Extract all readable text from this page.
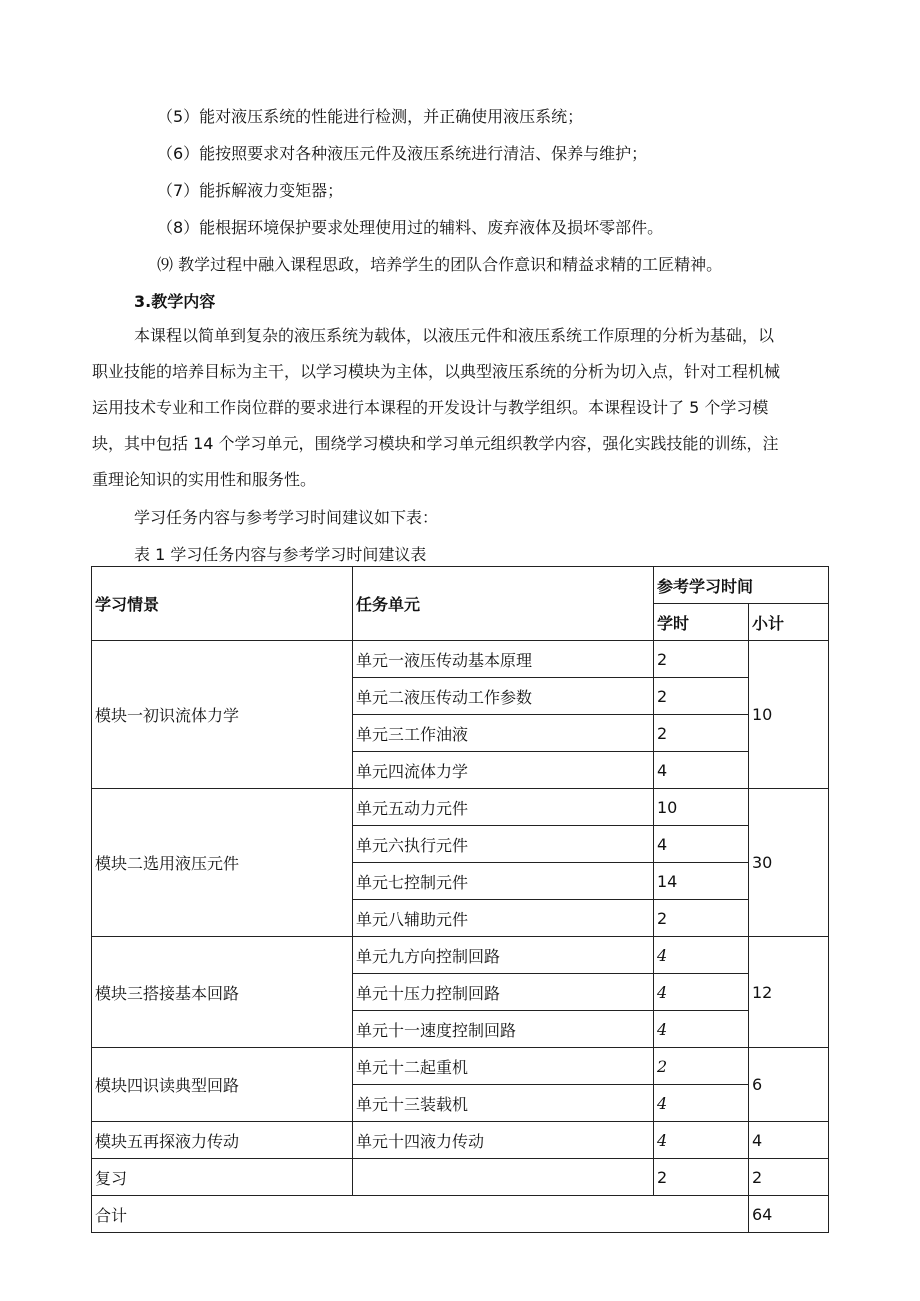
（5）能对液压系统的性能进行检测，并正确使用液压系统；
（6）能按照要求对各种液压元件及液压系统进行清洁、保养与维护；
（7）能拆解液力变矩器；
（8）能根据环境保护要求处理使用过的辅料、废弃液体及损坏零部件。
⑼ 教学过程中融入课程思政，培养学生的团队合作意识和精益求精的工匠精神。
3.教学内容
本课程以简单到复杂的液压系统为载体，以液压元件和液压系统工作原理的分析为基础，以
职业技能的培养目标为主干，以学习模块为主体，以典型液压系统的分析为切入点，针对工程机械
运用技术专业和工作岗位群的要求进行本课程的开发设计与教学组织。本课程设计了 5 个学习模
块，其中包括 14 个学习单元，围绕学习模块和学习单元组织教学内容，强化实践技能的训练，注
重理论知识的实用性和服务性。
学习任务内容与参考学习时间建议如下表：
表 1 学习任务内容与参考学习时间建议表
学习情景	任务单元	参考学习时间	
		学时	小计
模块一初识流体力学	单元一液压传动基本原理	2	10
	单元二液压传动工作参数	2	
	单元三工作油液	2	
	单元四流体力学	4	
模块二选用液压元件	单元五动力元件	10	30
	单元六执行元件	4	
	单元七控制元件	14	
	单元八辅助元件	2	
模块三搭接基本回路	单元九方向控制回路	4	12
	单元十压力控制回路	4	
	单元十一速度控制回路	4	
模块四识读典型回路	单元十二起重机	2	6
	单元十三装载机	4	
模块五再探液力传动	单元十四液力传动	4	4
复习		2	2
合计			64
